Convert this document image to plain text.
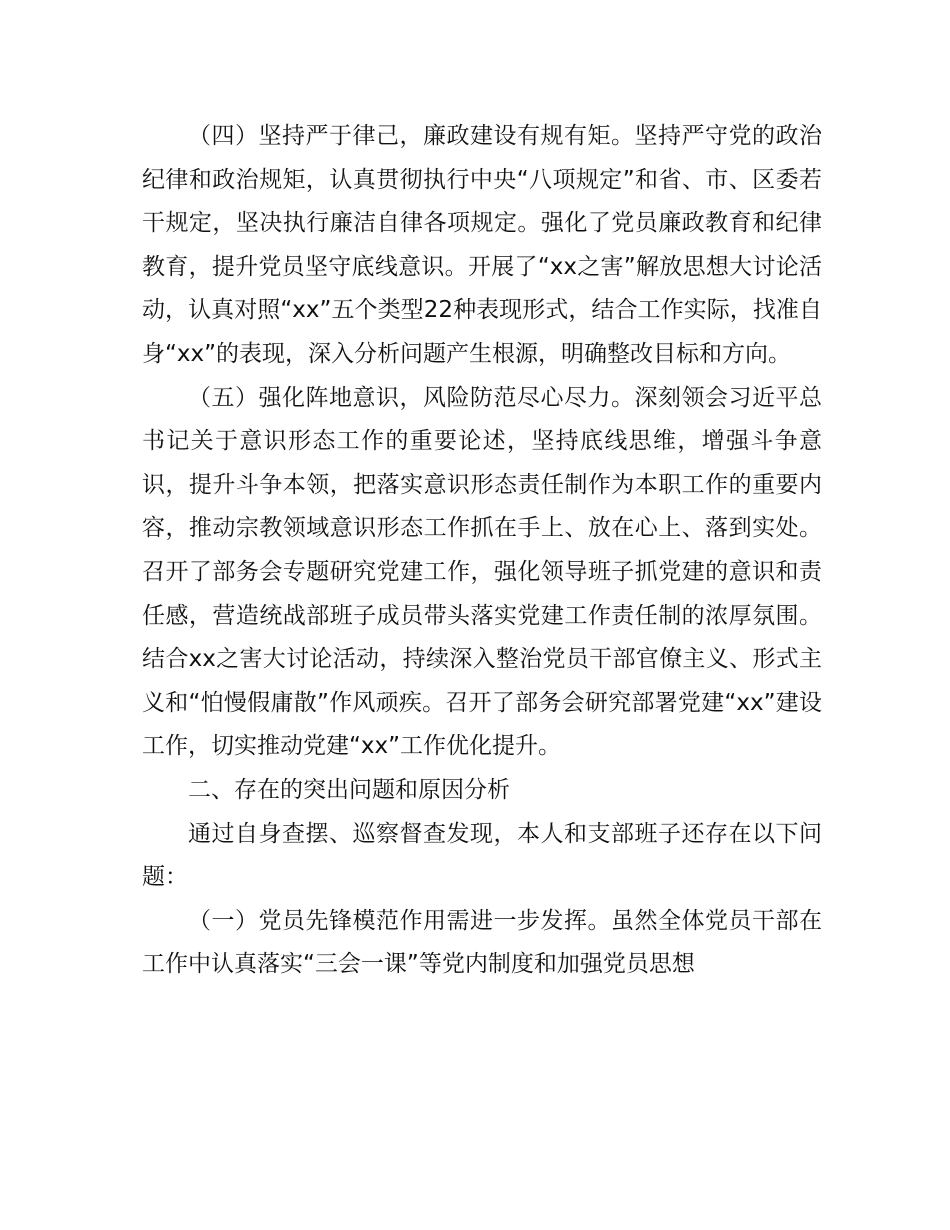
（四）坚持严于律己，廉政建设有规有矩。坚持严守党的政治纪律和政治规矩，认真贯彻执行中央“八项规定”和省、市、区委若干规定，坚决执行廉洁自律各项规定。强化了党员廉政教育和纪律教育，提升党员坚守底线意识。开展了“xx之害”解放思想大讨论活动，认真对照“xx”五个类型22种表现形式，结合工作实际，找准自身“xx”的表现，深入分析问题产生根源，明确整改目标和方向。

（五）强化阵地意识，风险防范尽心尽力。深刻领会习近平总书记关于意识形态工作的重要论述，坚持底线思维，增强斗争意识，提升斗争本领，把落实意识形态责任制作为本职工作的重要内容，推动宗教领域意识形态工作抓在手上、放在心上、落到实处。召开了部务会专题研究党建工作，强化领导班子抓党建的意识和责任感，营造统战部班子成员带头落实党建工作责任制的浓厚氛围。结合xx之害大讨论活动，持续深入整治党员干部官僚主义、形式主义和“怕慢假庸散”作风顽疾。召开了部务会研究部署党建“xx”建设工作，切实推动党建“xx”工作优化提升。

二、存在的突出问题和原因分析

通过自身查摆、巡察督查发现，本人和支部班子还存在以下问题：

（一）党员先锋模范作用需进一步发挥。虽然全体党员干部在工作中认真落实“三会一课”等党内制度和加强党员思想
